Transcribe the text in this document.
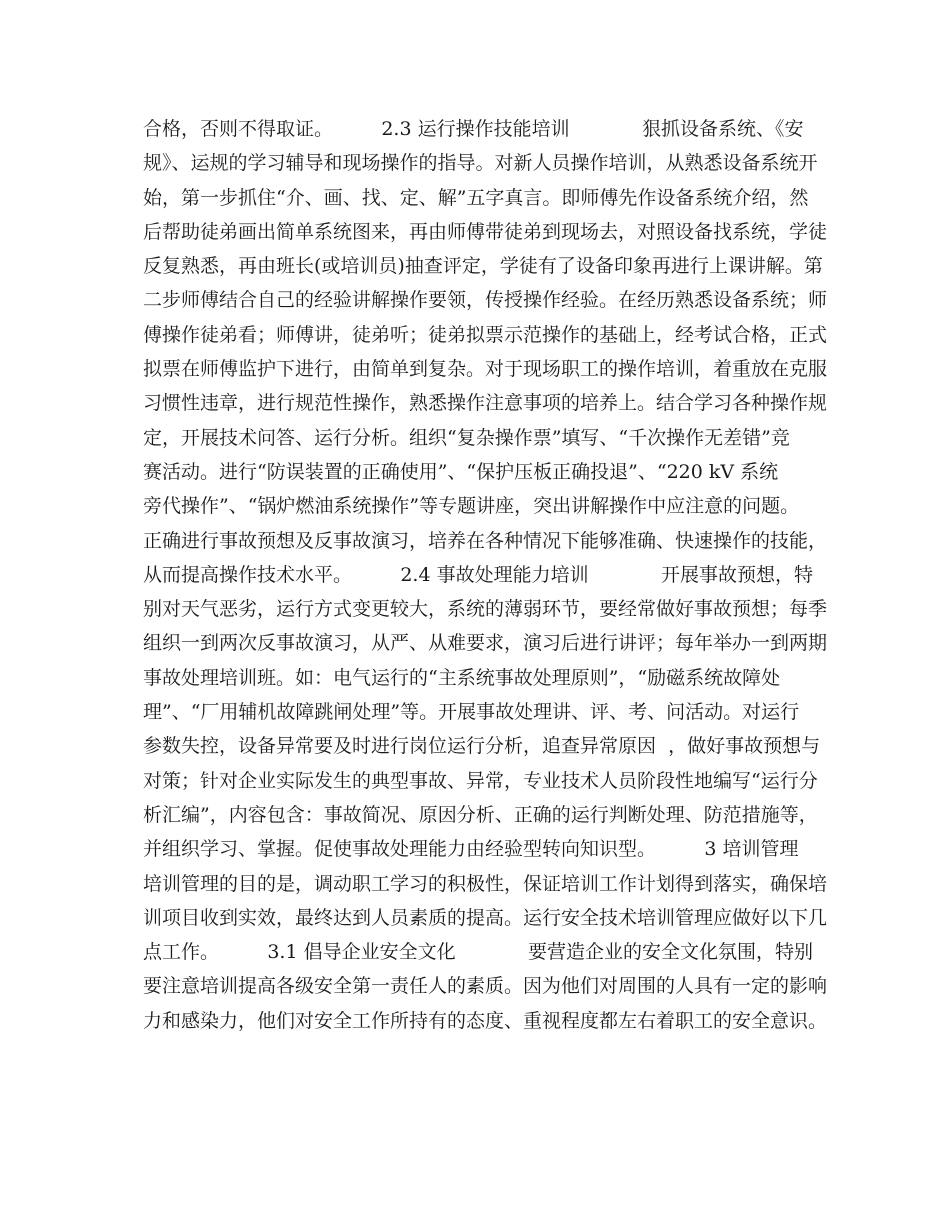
合格，否则不得取证。        2.3 运行操作技能培训            狠抓设备系统、《安
规》、运规的学习辅导和现场操作的指导。对新人员操作培训，从熟悉设备系统开
始，第一步抓住“介、画、找、定、解”五字真言。即师傅先作设备系统介绍，然
后帮助徒弟画出简单系统图来，再由师傅带徒弟到现场去，对照设备找系统，学徒
反复熟悉，再由班长(或培训员)抽查评定，学徒有了设备印象再进行上课讲解。第
二步师傅结合自己的经验讲解操作要领，传授操作经验。在经历熟悉设备系统；师
傅操作徒弟看；师傅讲，徒弟听；徒弟拟票示范操作的基础上，经考试合格，正式
拟票在师傅监护下进行，由简单到复杂。对于现场职工的操作培训，着重放在克服
习惯性违章，进行规范性操作，熟悉操作注意事项的培养上。结合学习各种操作规
定，开展技术问答、运行分析。组织“复杂操作票”填写、“千次操作无差错”竞
赛活动。进行“防误装置的正确使用”、“保护压板正确投退”、“220 kV 系统
旁代操作”、“锅炉燃油系统操作”等专题讲座，突出讲解操作中应注意的问题。
正确进行事故预想及反事故演习，培养在各种情况下能够准确、快速操作的技能，
从而提高操作技术水平。        2.4 事故处理能力培训            开展事故预想，特
别对天气恶劣，运行方式变更较大，系统的薄弱环节，要经常做好事故预想；每季
组织一到两次反事故演习，从严、从难要求，演习后进行讲评；每年举办一到两期
事故处理培训班。如：电气运行的“主系统事故处理原则”，“励磁系统故障处
理”、“厂用辅机故障跳闸处理”等。开展事故处理讲、评、考、问活动。对运行
参数失控，设备异常要及时进行岗位运行分析，追查异常原因  ，做好事故预想与
对策；针对企业实际发生的典型事故、异常，专业技术人员阶段性地编写“运行分
析汇编”，内容包含：事故简况、原因分析、正确的运行判断处理、防范措施等，
并组织学习、掌握。促使事故处理能力由经验型转向知识型。        3 培训管理
培训管理的目的是，调动职工学习的积极性，保证培训工作计划得到落实，确保培
训项目收到实效，最终达到人员素质的提高。运行安全技术培训管理应做好以下几
点工作。        3.1 倡导企业安全文化            要营造企业的安全文化氛围，特别
要注意培训提高各级安全第一责任人的素质。因为他们对周围的人具有一定的影响
力和感染力，他们对安全工作所持有的态度、重视程度都左右着职工的安全意识。
